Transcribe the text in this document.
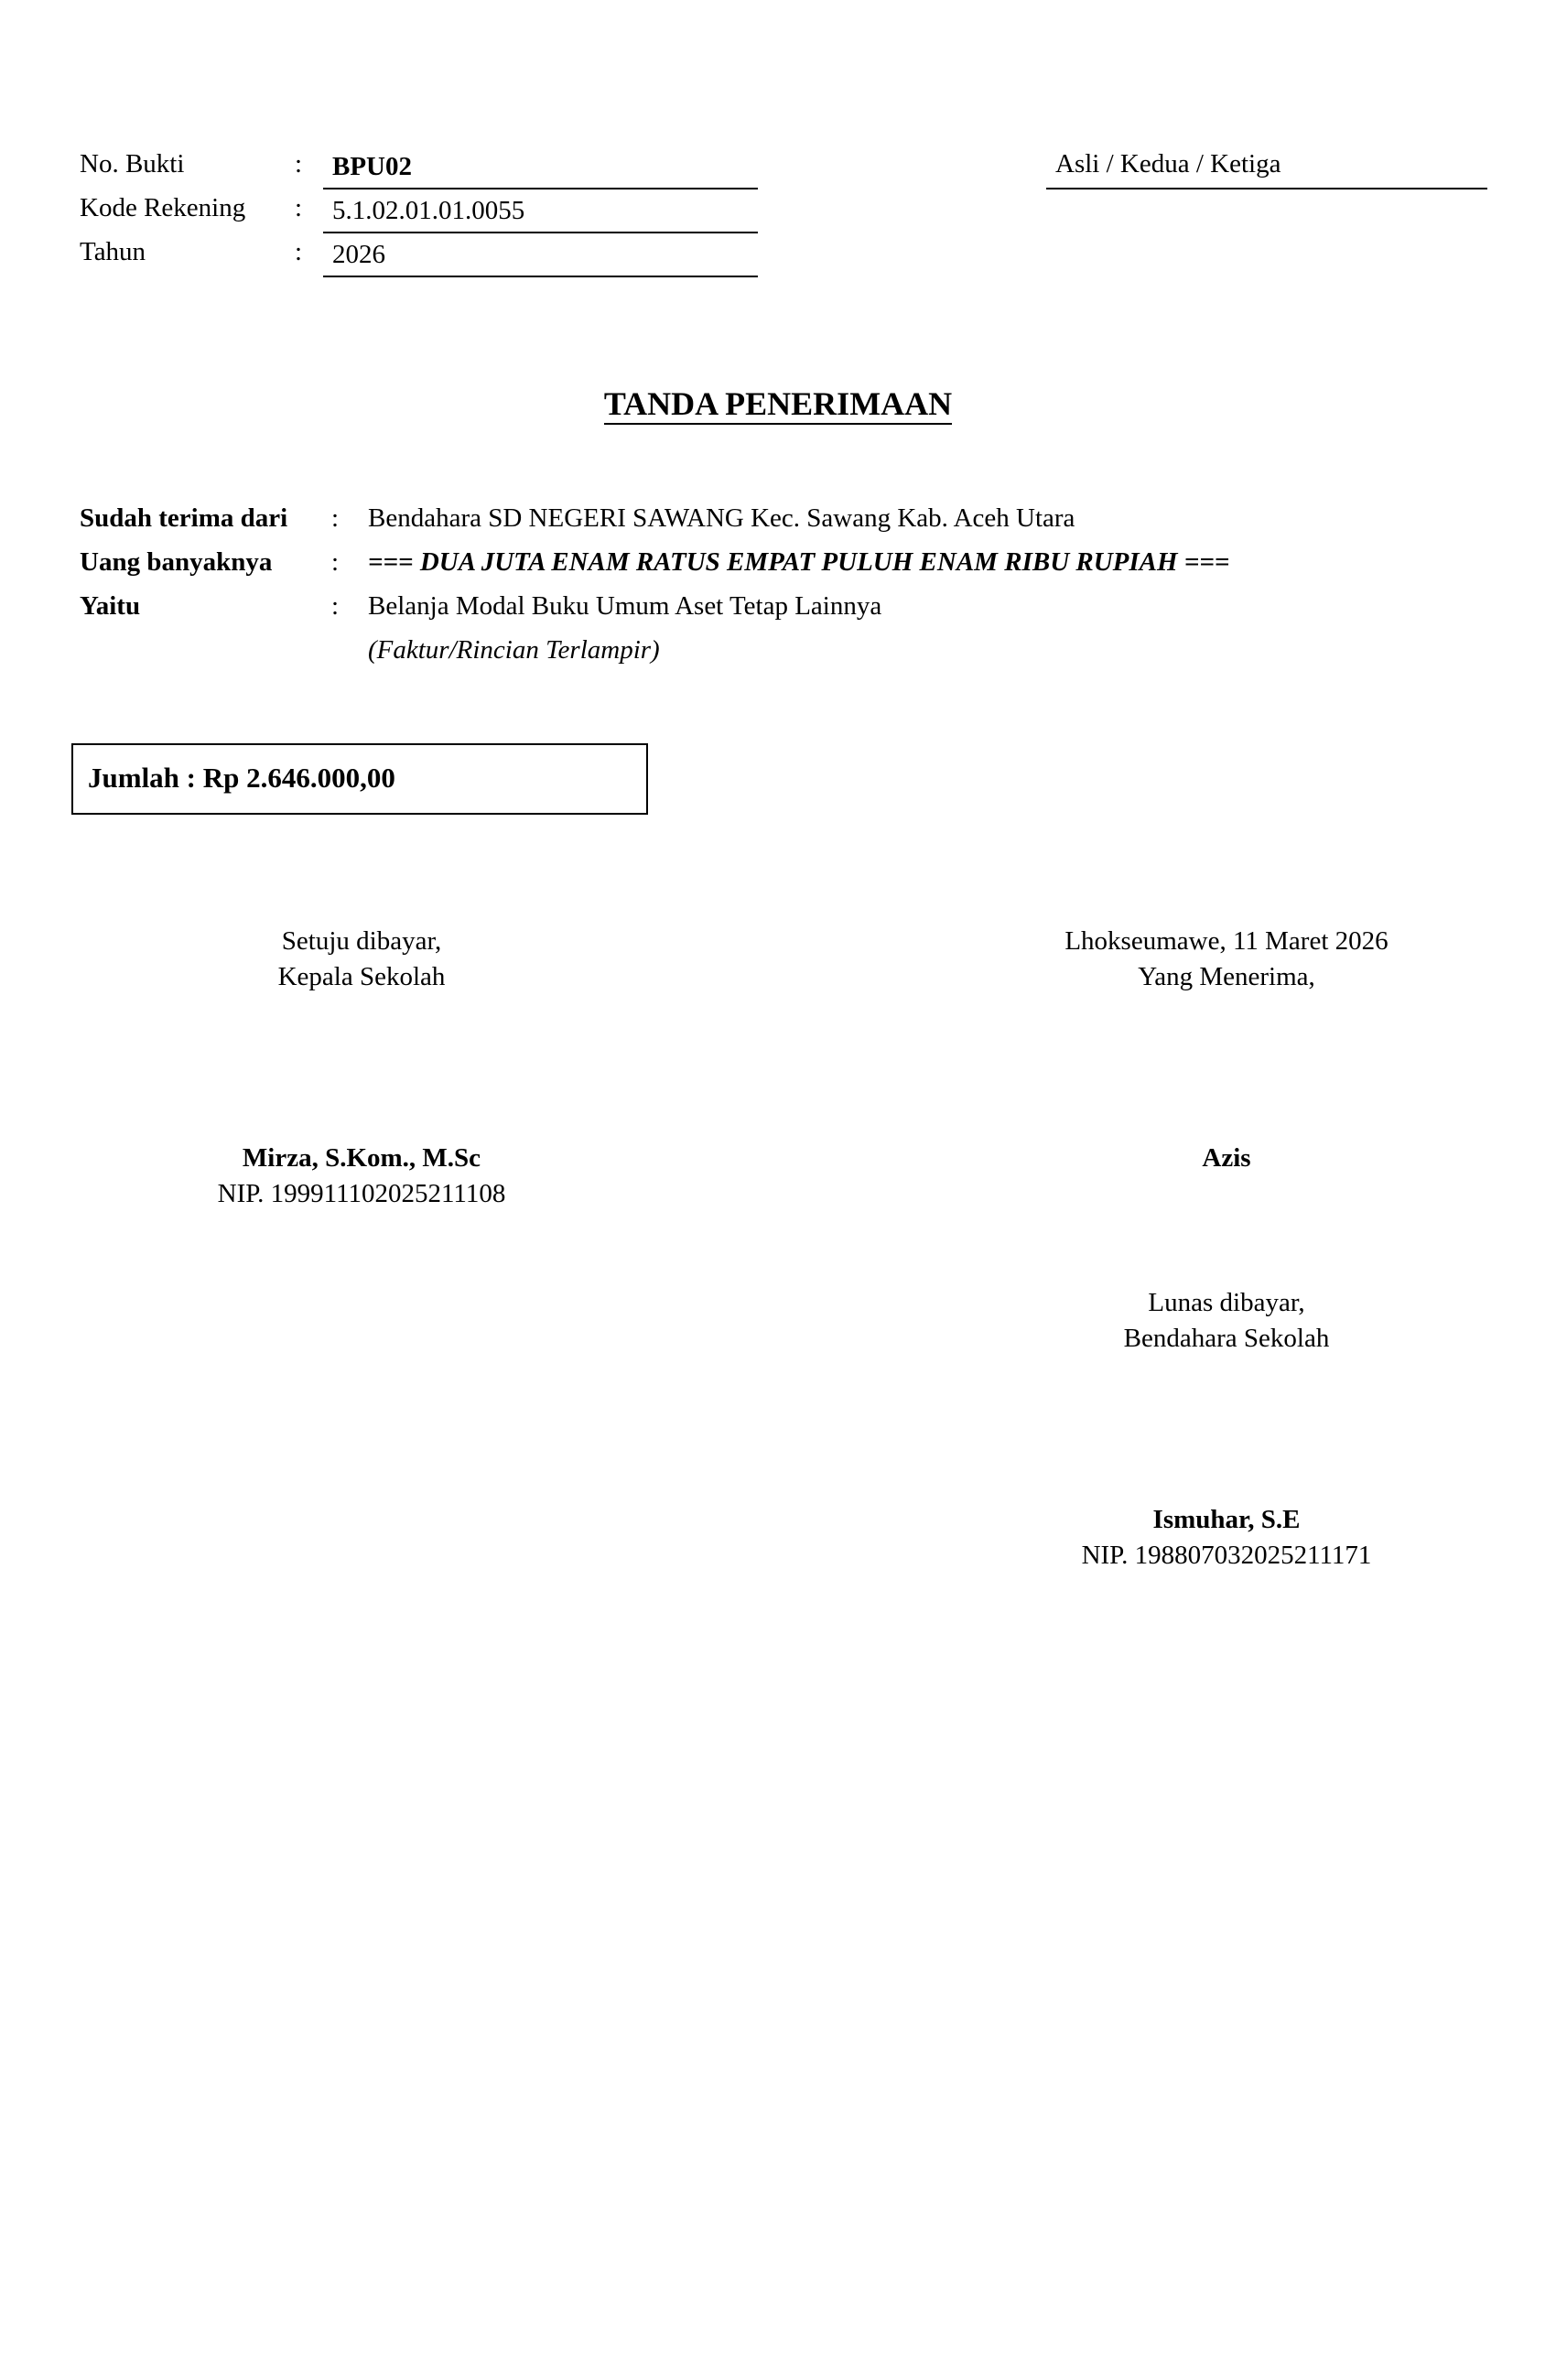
No. Bukti	: BPU02
Kode Rekening : 5.1.02.01.01.0055
Tahun	: 2026
Asli / Kedua / Ketiga
TANDA PENERIMAAN
Sudah terima dari : Bendahara SD NEGERI SAWANG Kec. Sawang Kab. Aceh Utara
Uang banyaknya : === DUA JUTA ENAM RATUS EMPAT PULUH ENAM RIBU RUPIAH ===
Yaitu	: Belanja Modal Buku Umum Aset Tetap Lainnya
(Faktur/Rincian Terlampir)
Jumlah : Rp 2.646.000,00
Setuju dibayar,
Kepala Sekolah
Mirza, S.Kom., M.Sc
NIP. 199911102025211108
Lhokseumawe, 11 Maret 2026
Yang Menerima,
Azis
Lunas dibayar,
Bendahara Sekolah
Ismuhar, S.E
NIP. 198807032025211171
